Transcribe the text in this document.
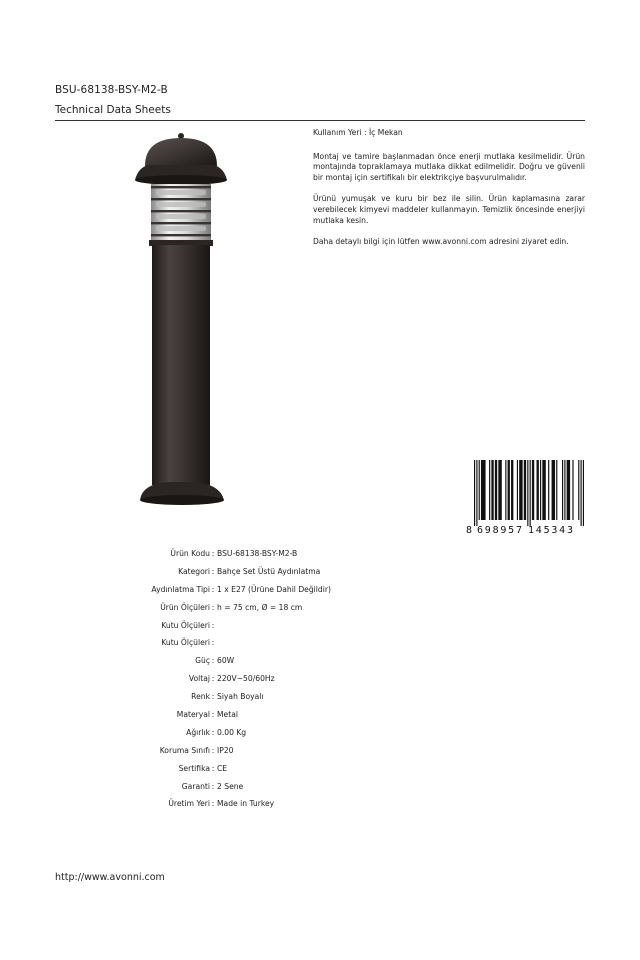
BSU-68138-BSY-M2-B
Technical Data Sheets

Kullanım Yeri : İç Mekan

Montaj ve tamire başlanmadan önce enerji mutlaka kesilmelidir. Ürün montajında topraklamaya mutlaka dikkat edilmelidir. Doğru ve güvenli bir montaj için sertifikalı bir elektrikçiye başvurulmalıdır.

Ürünü yumuşak ve kuru bir bez ile silin. Ürün kaplamasına zarar verebilecek kimyevi maddeler kullanmayın. Temizlik öncesinde enerjiyi mutlaka kesin.

Daha detaylı bilgi için lütfen www.avonni.com adresini ziyaret edin.

8 698957 145343
Ürün Kodu : BSU-68138-BSY-M2-B
Kategori : Bahçe Set Üstü Aydınlatma
Aydınlatma Tipi : 1 x E27 (Ürüne Dahil Değildir)
Ürün Ölçüleri : h = 75 cm, Ø = 18 cm
Kutu Ölçüleri :
Kutu Ölçüleri :
Güç : 60W
Voltaj : 220V~50/60Hz
Renk : Siyah Boyalı
Materyal : Metal
Ağırlık : 0.00 Kg
Koruma Sınıfı : IP20
Sertifika : CE
Garanti : 2 Sene
Üretim Yeri : Made in Turkey
http://www.avonni.com
